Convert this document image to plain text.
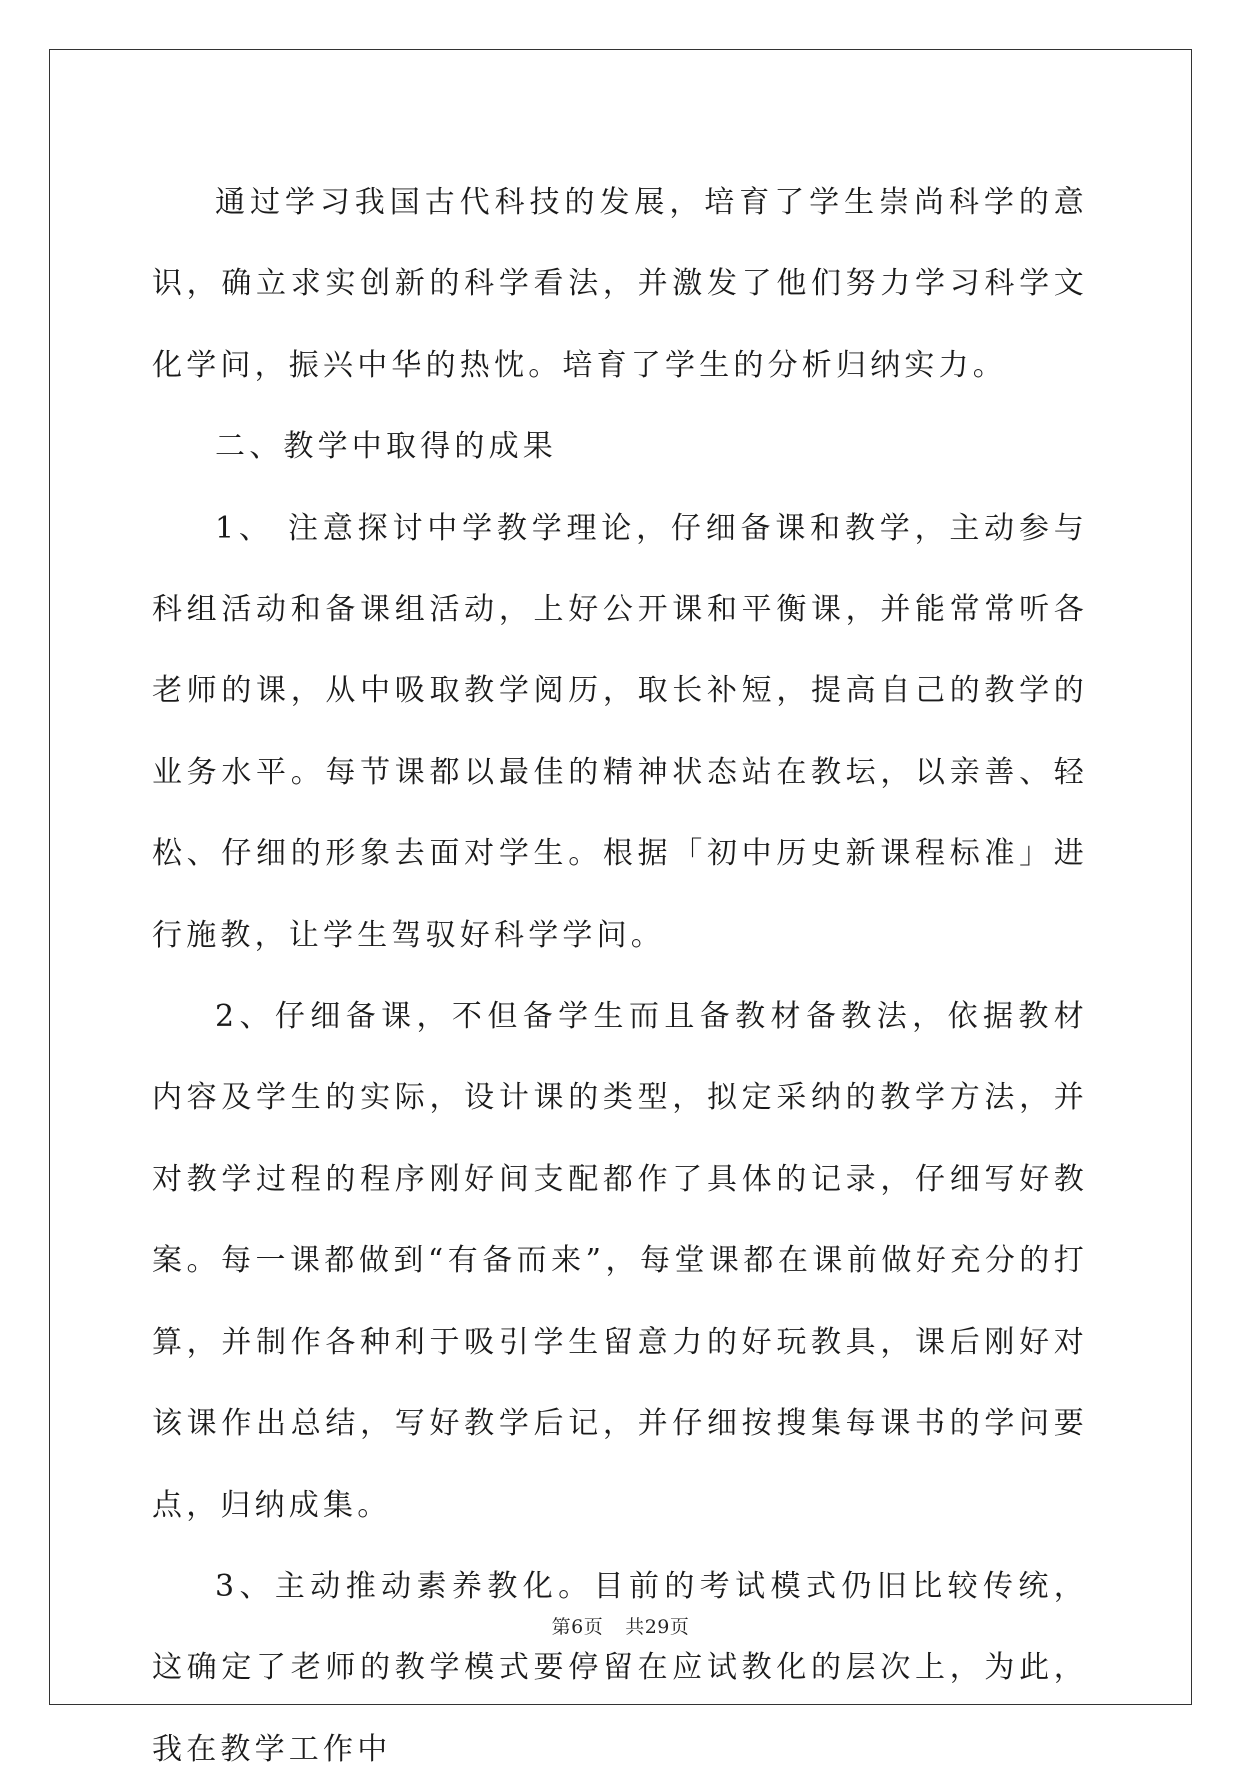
通过学习我国古代科技的发展，培育了学生崇尚科学的意识，确立求实创新的科学看法，并激发了他们努力学习科学文化学问，振兴中华的热忱。培育了学生的分析归纳实力。

二、教学中取得的成果

1、 注意探讨中学教学理论，仔细备课和教学，主动参与科组活动和备课组活动，上好公开课和平衡课，并能常常听各老师的课，从中吸取教学阅历，取长补短，提高自己的教学的业务水平。每节课都以最佳的精神状态站在教坛，以亲善、轻松、仔细的形象去面对学生。根据「初中历史新课程标准」进行施教，让学生驾驭好科学学问。

2、仔细备课，不但备学生而且备教材备教法，依据教材内容及学生的实际，设计课的类型，拟定采纳的教学方法，并对教学过程的程序刚好间支配都作了具体的记录，仔细写好教案。每一课都做到“有备而来”，每堂课都在课前做好充分的打算，并制作各种利于吸引学生留意力的好玩教具，课后刚好对该课作出总结，写好教学后记，并仔细按搜集每课书的学问要点，归纳成集。

3、主动推动素养教化。目前的考试模式仍旧比较传统，这确定了老师的教学模式要停留在应试教化的层次上，为此，我在教学工作中

第6页 共29页
